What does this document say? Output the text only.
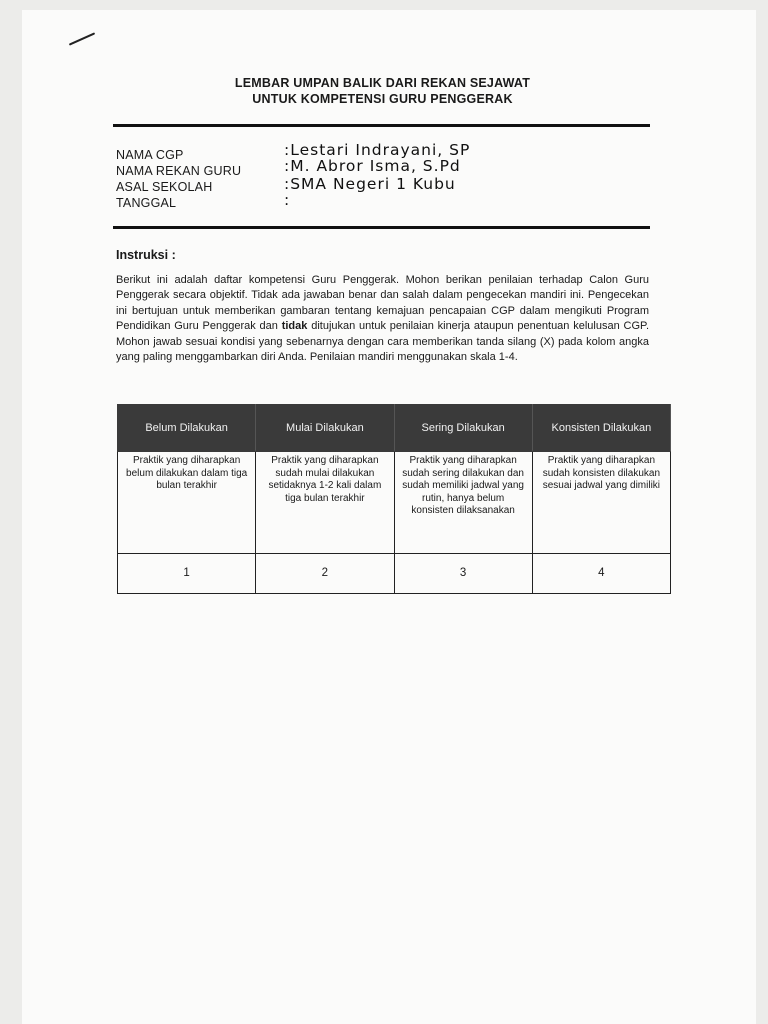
LEMBAR UMPAN BALIK DARI REKAN SEJAWAT
UNTUK KOMPETENSI GURU PENGGERAK
NAMA CGP	:Lestari Indrayani, SP
NAMA REKAN GURU	:M. Abror Isma, S.Pd
ASAL SEKOLAH	:SMA Negeri 1 Kubu
TANGGAL	:
Instruksi :
Berikut ini adalah daftar kompetensi Guru Penggerak. Mohon berikan penilaian terhadap Calon Guru Penggerak secara objektif. Tidak ada jawaban benar dan salah dalam pengecekan mandiri ini. Pengecekan ini bertujuan untuk memberikan gambaran tentang kemajuan pencapaian CGP dalam mengikuti Program Pendidikan Guru Penggerak dan tidak ditujukan untuk penilaian kinerja ataupun penentuan kelulusan CGP. Mohon jawab sesuai kondisi yang sebenarnya dengan cara memberikan tanda silang (X) pada kolom angka yang paling menggambarkan diri Anda. Penilaian mandiri menggunakan skala 1-4.
Belum Dilakukan	Mulai Dilakukan	Sering Dilakukan	Konsisten Dilakukan
Praktik yang diharapkan belum dilakukan dalam tiga bulan terakhir	Praktik yang diharapkan sudah mulai dilakukan setidaknya 1-2 kali dalam tiga bulan terakhir	Praktik yang diharapkan sudah sering dilakukan dan sudah memiliki jadwal yang rutin, hanya belum konsisten dilaksanakan	Praktik yang diharapkan sudah konsisten dilakukan sesuai jadwal yang dimiliki
1	2	3	4
